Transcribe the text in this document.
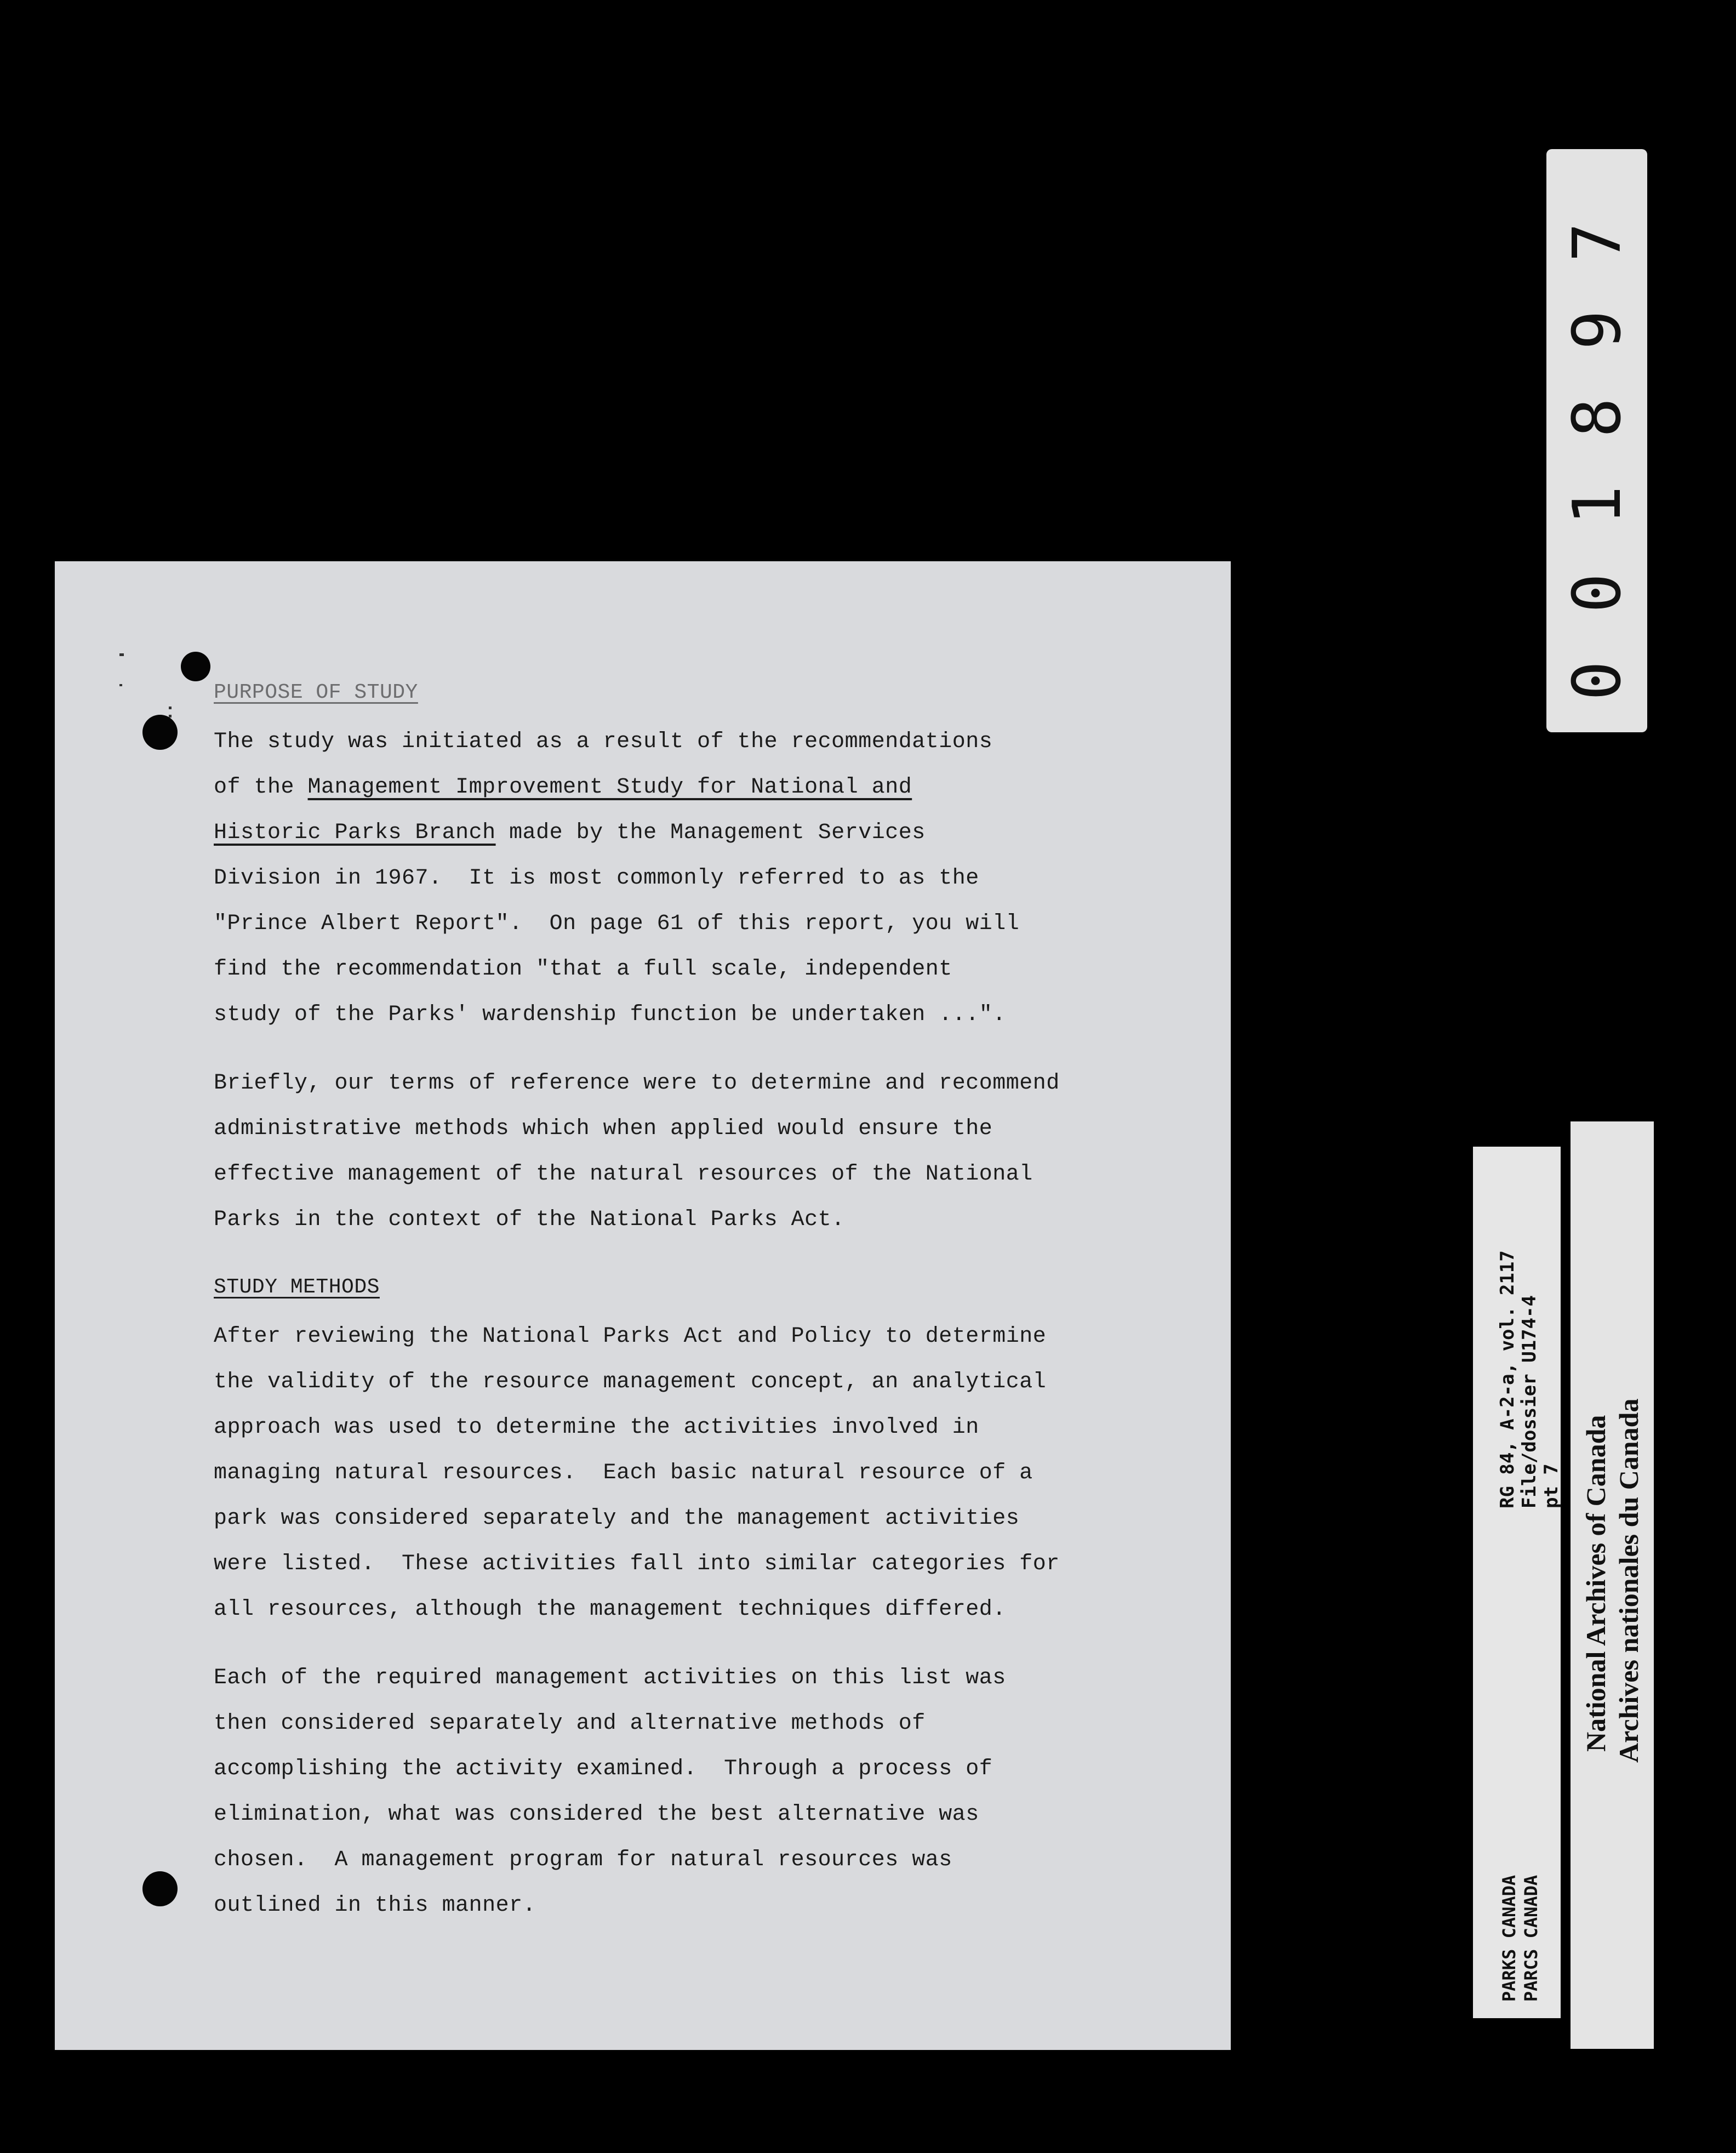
PURPOSE OF STUDY

The study was initiated as a result of the recommendations
of the Management Improvement Study for National and
Historic Parks Branch made by the Management Services
Division in 1967.  It is most commonly referred to as the
"Prince Albert Report".  On page 61 of this report, you will
find the recommendation "that a full scale, independent
study of the Parks' wardenship function be undertaken ...".

Briefly, our terms of reference were to determine and recommend
administrative methods which when applied would ensure the
effective management of the natural resources of the National
Parks in the context of the National Parks Act.

STUDY METHODS

After reviewing the National Parks Act and Policy to determine
the validity of the resource management concept, an analytical
approach was used to determine the activities involved in
managing natural resources.  Each basic natural resource of a
park was considered separately and the management activities
were listed.  These activities fall into similar categories for
all resources, although the management techniques differed.

Each of the required management activities on this list was
then considered separately and alternative methods of
accomplishing the activity examined.  Through a process of
elimination, what was considered the best alternative was
chosen.  A management program for natural resources was
outlined in this manner.

0
0
1
8
9
7
RG 84, A-2-a, vol. 2117 File/dossier U174-4 pt 7
PARKS CANADA PARCS CANADA
National Archives of Canada Archives nationales du Canada
